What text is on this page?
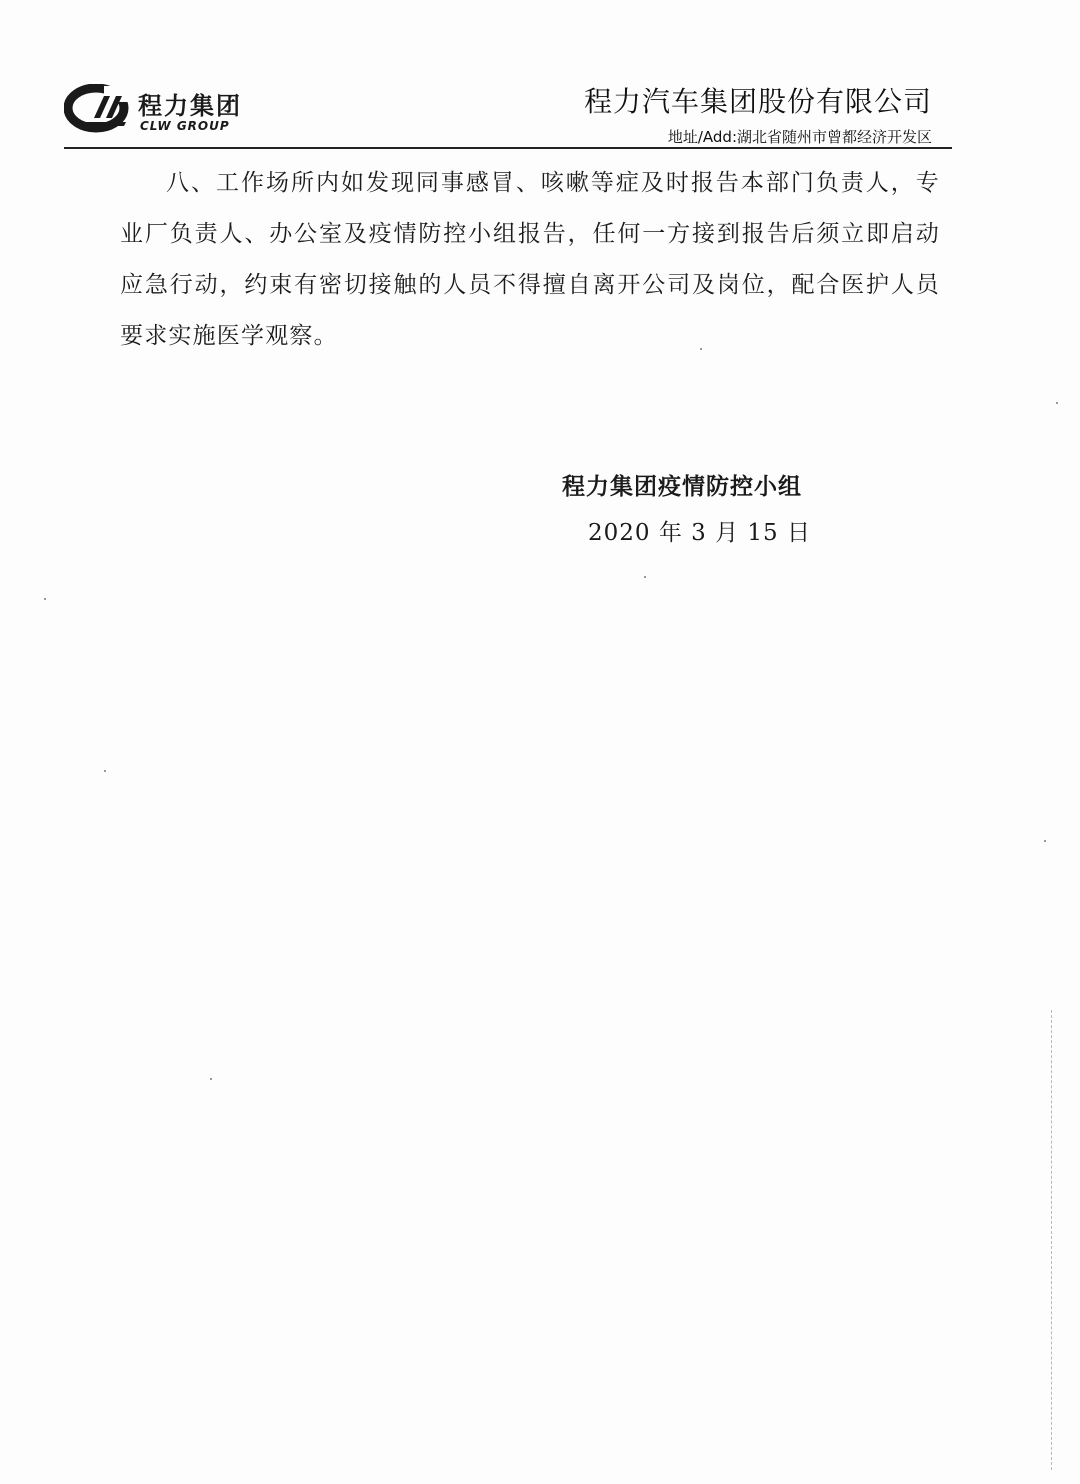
程力集团
CLW GROUP
程力汽车集团股份有限公司
地址/Add:湖北省随州市曾都经济开发区

八、工作场所内如发现同事感冒、咳嗽等症及时报告本部门负责人，专业厂负责人、办公室及疫情防控小组报告，任何一方接到报告后须立即启动应急行动，约束有密切接触的人员不得擅自离开公司及岗位，配合医护人员要求实施医学观察。

程力集团疫情防控小组
2020 年 3 月 15 日
